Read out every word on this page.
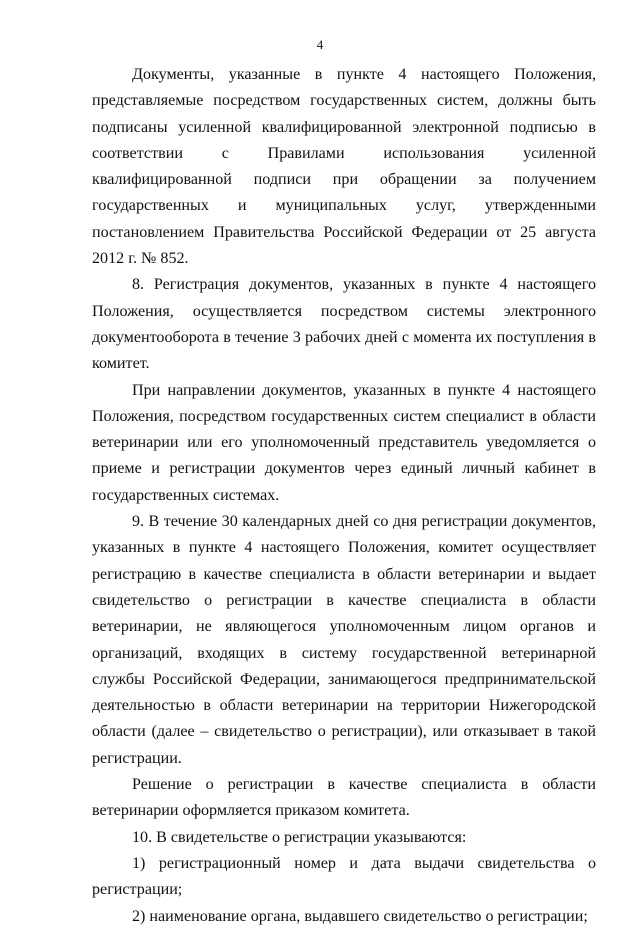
4

Документы, указанные в пункте 4 настоящего Положения, представляемые посредством государственных систем, должны быть подписаны усиленной квалифицированной электронной подписью в соответствии с Правилами использования усиленной квалифицированной подписи при обращении за получением государственных и муниципальных услуг, утвержденными постановлением Правительства Российской Федерации от 25 августа 2012 г. № 852.

8. Регистрация документов, указанных в пункте 4 настоящего Положения, осуществляется посредством системы электронного документооборота в течение 3 рабочих дней с момента их поступления в комитет.

При направлении документов, указанных в пункте 4 настоящего Положения, посредством государственных систем специалист в области ветеринарии или его уполномоченный представитель уведомляется о приеме и регистрации документов через единый личный кабинет в государственных системах.

9. В течение 30 календарных дней со дня регистрации документов, указанных в пункте 4 настоящего Положения, комитет осуществляет регистрацию в качестве специалиста в области ветеринарии и выдает свидетельство о регистрации в качестве специалиста в области ветеринарии, не являющегося уполномоченным лицом органов и организаций, входящих в систему государственной ветеринарной службы Российской Федерации, занимающегося предпринимательской деятельностью в области ветеринарии на территории Нижегородской области (далее – свидетельство о регистрации), или отказывает в такой регистрации.

Решение о регистрации в качестве специалиста в области ветеринарии оформляется приказом комитета.

10. В свидетельстве о регистрации указываются:

1) регистрационный номер и дата выдачи свидетельства о регистрации;

2) наименование органа, выдавшего свидетельство о регистрации;
